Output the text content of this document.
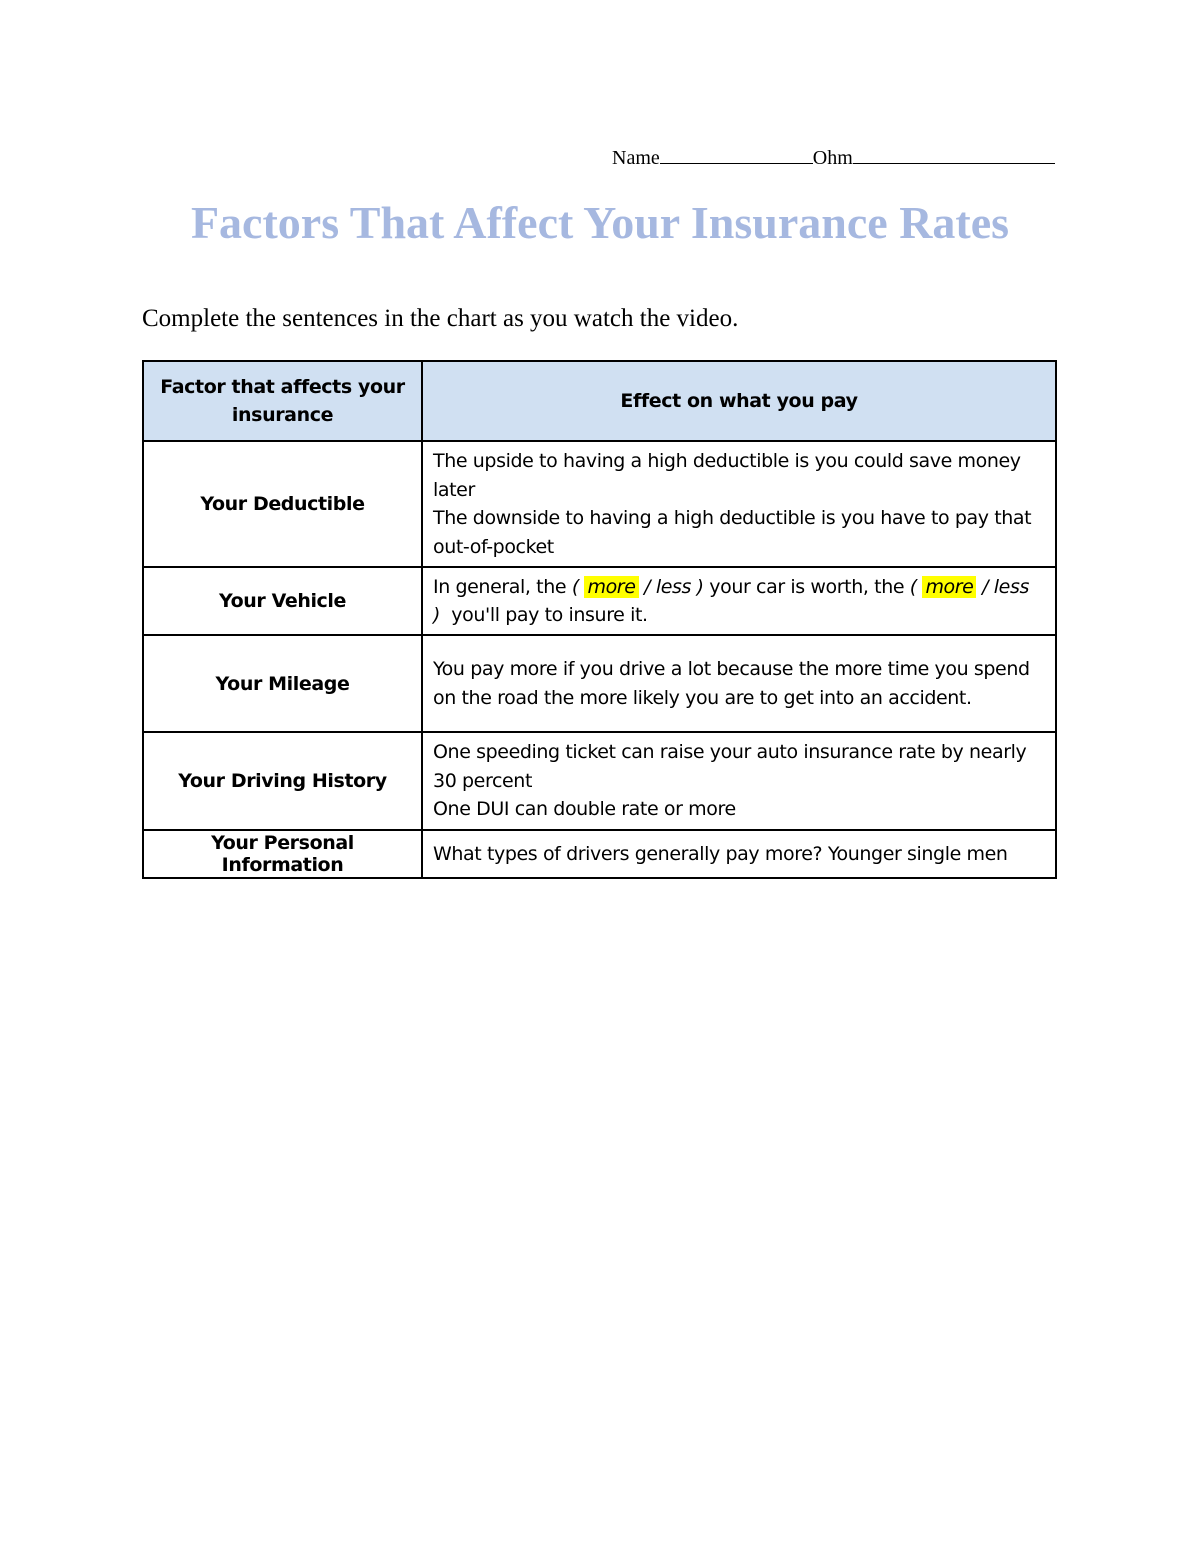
Name	Ohm
Factors That Affect Your Insurance Rates
Complete the sentences in the chart as you watch the video.
Factor that affects your insurance	Effect on what you pay
Your Deductible	The upside to having a high deductible is you could save money later
The downside to having a high deductible is you have to pay that out-of-pocket

Your Vehicle	In general, the ( more / less ) your car is worth, the ( more / less ) you'll pay to insure it.
Your Mileage	You pay more if you drive a lot because the more time you spend on the road the more likely you are to get into an accident.

Your Driving History	One speeding ticket can raise your auto insurance rate by nearly 30 percent
One DUI can double rate or more

Your Personal Information	What types of drivers generally pay more? Younger single men
